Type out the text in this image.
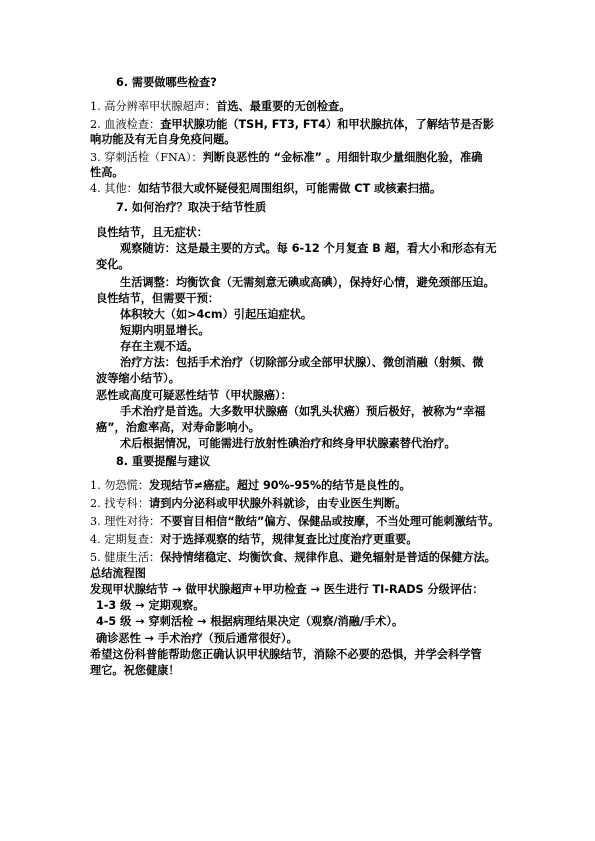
6. 需要做哪些检查?
1. 高分辨率甲状腺超声：首选、最重要的无创检查。
2. 血液检查：查甲状腺功能（TSH, FT3, FT4）和甲状腺抗体，了解结节是否影
响功能及有无自身免疫问题。
3. 穿刺活检（FNA）：判断良恶性的 “金标准” 。用细针取少量细胞化验，准确
性高。
4. 其他：如结节很大或怀疑侵犯周围组织，可能需做 CT 或核素扫描。
7. 如何治疗？取决于结节性质
良性结节，且无症状：
观察随访：这是最主要的方式。每 6-12 个月复查 B 超，看大小和形态有无
变化。
生活调整：均衡饮食（无需刻意无碘或高碘），保持好心情，避免颈部压迫。
良性结节，但需要干预：
体积较大（如>4cm）引起压迫症状。
短期内明显增长。
存在主观不适。
治疗方法：包括手术治疗（切除部分或全部甲状腺）、微创消融（射频、微
波等缩小结节）。
恶性或高度可疑恶性结节（甲状腺癌）：
手术治疗是首选。大多数甲状腺癌（如乳头状癌）预后极好，被称为“幸福
癌”，治愈率高，对寿命影响小。
术后根据情况，可能需进行放射性碘治疗和终身甲状腺素替代治疗。
8. 重要提醒与建议
1. 勿恐慌：发现结节≠癌症。超过 90%-95%的结节是良性的。
2. 找专科：请到内分泌科或甲状腺外科就诊，由专业医生判断。
3. 理性对待：不要盲目相信“散结”偏方、保健品或按摩，不当处理可能刺激结节。
4. 定期复查：对于选择观察的结节，规律复查比过度治疗更重要。
5. 健康生活：保持情绪稳定、均衡饮食、规律作息、避免辐射是普适的保健方法。
总结流程图
发现甲状腺结节 → 做甲状腺超声+甲功检查 → 医生进行 TI-RADS 分级评估：
1-3 级 → 定期观察。
4-5 级 → 穿刺活检 → 根据病理结果决定（观察/消融/手术）。
确诊恶性 → 手术治疗（预后通常很好）。
希望这份科普能帮助您正确认识甲状腺结节，消除不必要的恐惧，并学会科学管
理它。祝您健康！
